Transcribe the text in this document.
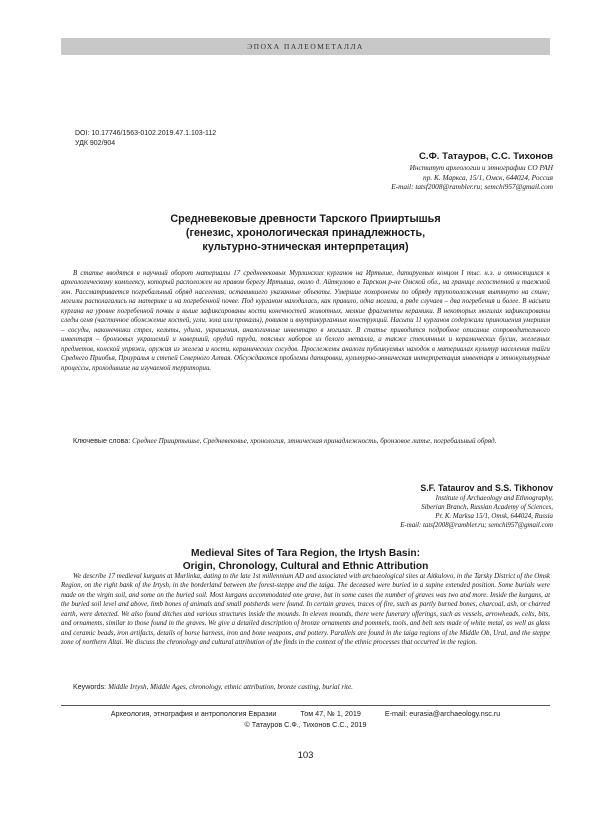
ЭПОХА ПАЛЕОМЕТАЛЛА
DOI: 10.17746/1563-0102.2019.47.1.103-112
УДК 902/904
С.Ф. Татауров, С.С. Тихонов
Институт археологии и этнографии СО РАН
пр. К. Маркса, 15/1, Омск, 644024, Россия
E-mail: tatsf2008@rambler.ru; semchi957@gmail.com
Средневековые древности Тарского Прииртышья
(генезис, хронологическая принадлежность,
культурно-этническая интерпретация)

В статье вводятся в научный оборот материалы 17 средневековых Мурлинских курганов на Иртыше, датируемых концом I тыс. н.э. и относящихся к археологическому комплексу, который расположен на правом берегу Иртыша, около д. Айткулово в Тарском р-не Омской обл., на границе лесостепной и таежной зон. Рассматривается погребальный обряд населения, оставившего указанные объекты. Умершие похоронены по обряду трупоположения вытянуто на спине; могилы располагались на материке и на погребенной почве. Под курганом находилась, как правило, одна могила, в ряде случаев – два погребения и более. В насыпи кургана на уровне погребенной почвы и выше зафиксированы кости конечностей животных, мелкие фрагменты керамики. В некоторых могилах зафиксированы следы огня (частичное обожжение костей, угли, зола или прокалы), ровиков и внутрикурганных конструкций. Насыпи 11 курганов содержали приношения умершим – сосуды, наконечники стрел, кельты, удила, украшения, аналогичные инвентарю в могилах. В статье приводится подробное описание сопроводительного инвентаря – бронзовых украшений и наверший, орудий труда, поясных наборов из белого металла, а также стеклянных и керамических бусин, железных предметов, конской упряжи, оружия из железа и кости, керамических сосудов. Прослежены аналоги публикуемых находок в материалах культур населения тайги Среднего Приобья, Приуралья и степей Северного Алтая. Обсуждаются проблемы датировки, культурно-этническая интерпретация инвентаря и этнокультурные процессы, проходившие на изучаемой территории.

Ключевые слова: Среднее Прииртышье, Средневековье, хронология, этническая принадлежность, бронзовое литье, погребальный обряд.

S.F. Tataurov and S.S. Tikhonov
Institute of Archaeology and Ethnography,
Siberian Branch, Russian Academy of Sciences,
Pr. K. Marksa 15/1, Omsk, 644024, Russia
E-mail: tatsf2008@rambler.ru; semchi957@gmail.com
Medieval Sites of Tara Region, the Irtysh Basin:
Origin, Chronology, Cultural and Ethnic Attribution

We describe 17 medieval kurgans at Murlinka, dating to the late 1st millennium AD and associated with archaeological sites at Aitkulovo, in the Tarsky District of the Omsk Region, on the right bank of the Irtysh, in the borderland between the forest-steppe and the taiga. The deceased were buried in a supine extended position. Some burials were made on the virgin soil, and some on the buried soil. Most kurgans accommodated one grave, but in some cases the number of graves was two and more. Inside the kurgans, at the buried soil level and above, limb bones of animals and small potsherds were found. In certain graves, traces of fire, such as partly burned bones, charcoal, ash, or charred earth, were detected. We also found ditches and various structures inside the mounds. In eleven mounds, there were funerary offerings, such as vessels, arrowheads, celts, bits, and ornaments, similar to those found in the graves. We give a detailed description of bronze ornaments and pommels, tools, and belt sets made of white metal, as well as glass and ceramic beads, iron artifacts, details of horse harness, iron and bone weapons, and pottery. Parallels are found in the taiga regions of the Middle Ob, Ural, and the steppe zone of northern Altai. We discuss the chronology and cultural attribution of the finds in the context of the ethnic processes that occurred in the region.

Keywords: Middle Irtysh, Middle Ages, chronology, ethnic attribution, bronze casting, burial rite.

Археология, этнография и антропология Евразии	Том 47, № 1, 2019	E-mail: eurasia@archaeology.nsc.ru
© Татауров С.Ф., Тихонов С.С., 2019
103
